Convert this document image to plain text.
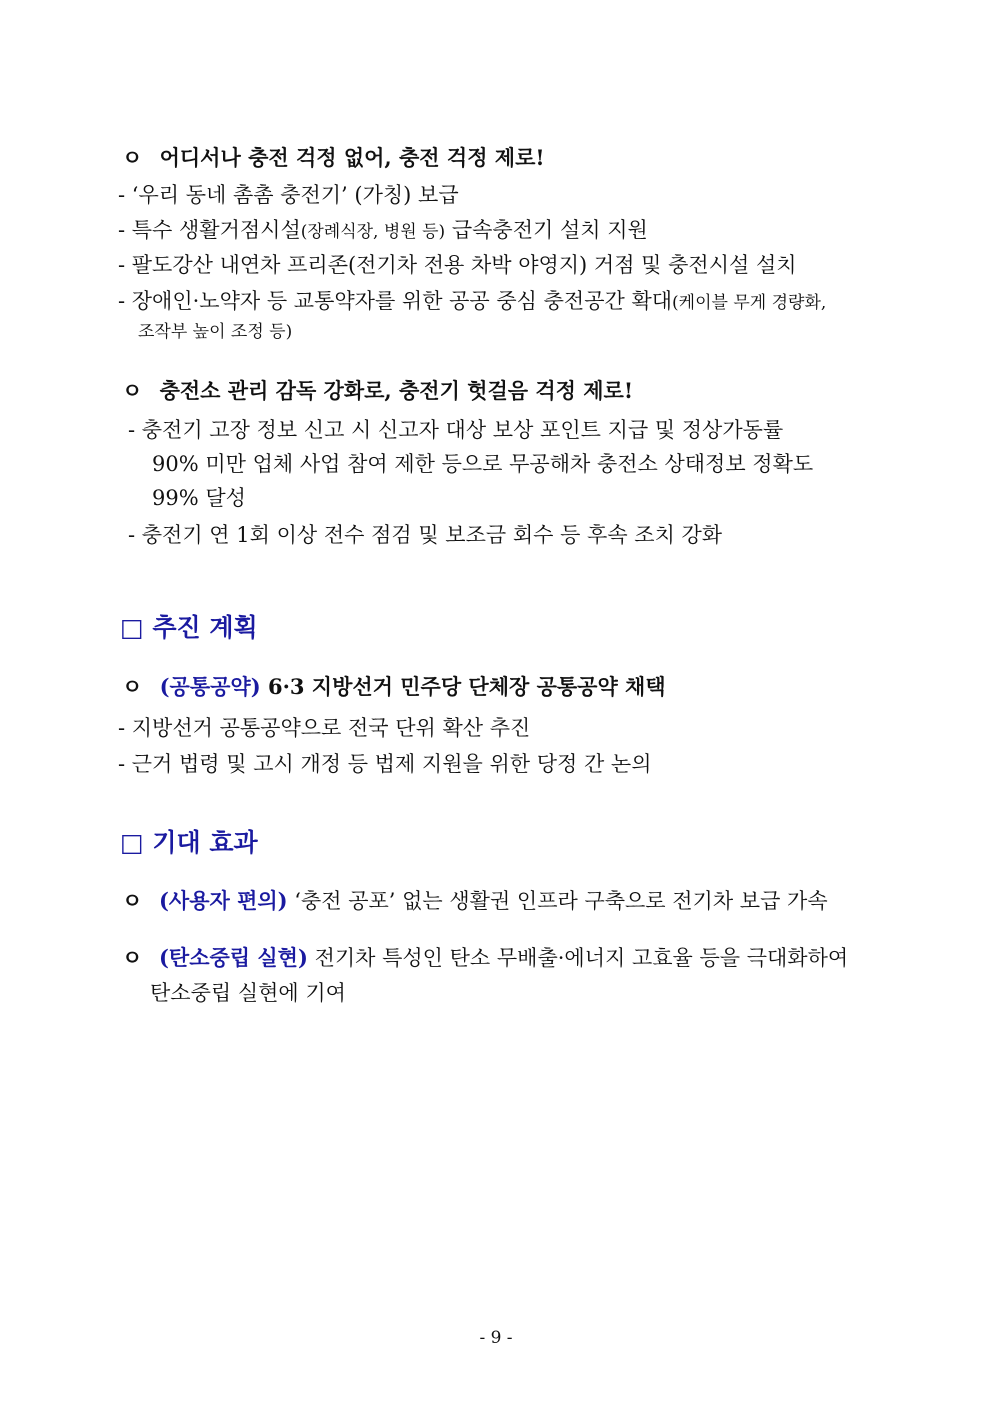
ㅇ 어디서나 충전 걱정 없어, 충전 걱정 제로!
- ‘우리 동네 촘촘 충전기’ (가칭) 보급
- 특수 생활거점시설(장례식장, 병원 등) 급속충전기 설치 지원
- 팔도강산 내연차 프리존(전기차 전용 차박 야영지) 거점 및 충전시설 설치
- 장애인·노약자 등 교통약자를 위한 공공 중심 충전공간 확대(케이블 무게 경량화,
조작부 높이 조정 등)
ㅇ 충전소 관리 감독 강화로, 충전기 헛걸음 걱정 제로!
- 충전기 고장 정보 신고 시 신고자 대상 보상 포인트 지급 및 정상가동률
90% 미만 업체 사업 참여 제한 등으로 무공해차 충전소 상태정보 정확도
99% 달성
- 충전기 연 1회 이상 전수 점검 및 보조금 회수 등 후속 조치 강화
□ 추진 계획
ㅇ (공통공약) 6·3 지방선거 민주당 단체장 공통공약 채택
- 지방선거 공통공약으로 전국 단위 확산 추진
- 근거 법령 및 고시 개정 등 법제 지원을 위한 당정 간 논의
□ 기대 효과
ㅇ (사용자 편의) ‘충전 공포’ 없는 생활권 인프라 구축으로 전기차 보급 가속
ㅇ (탄소중립 실현) 전기차 특성인 탄소 무배출·에너지 고효율 등을 극대화하여
탄소중립 실현에 기여
- 9 -
